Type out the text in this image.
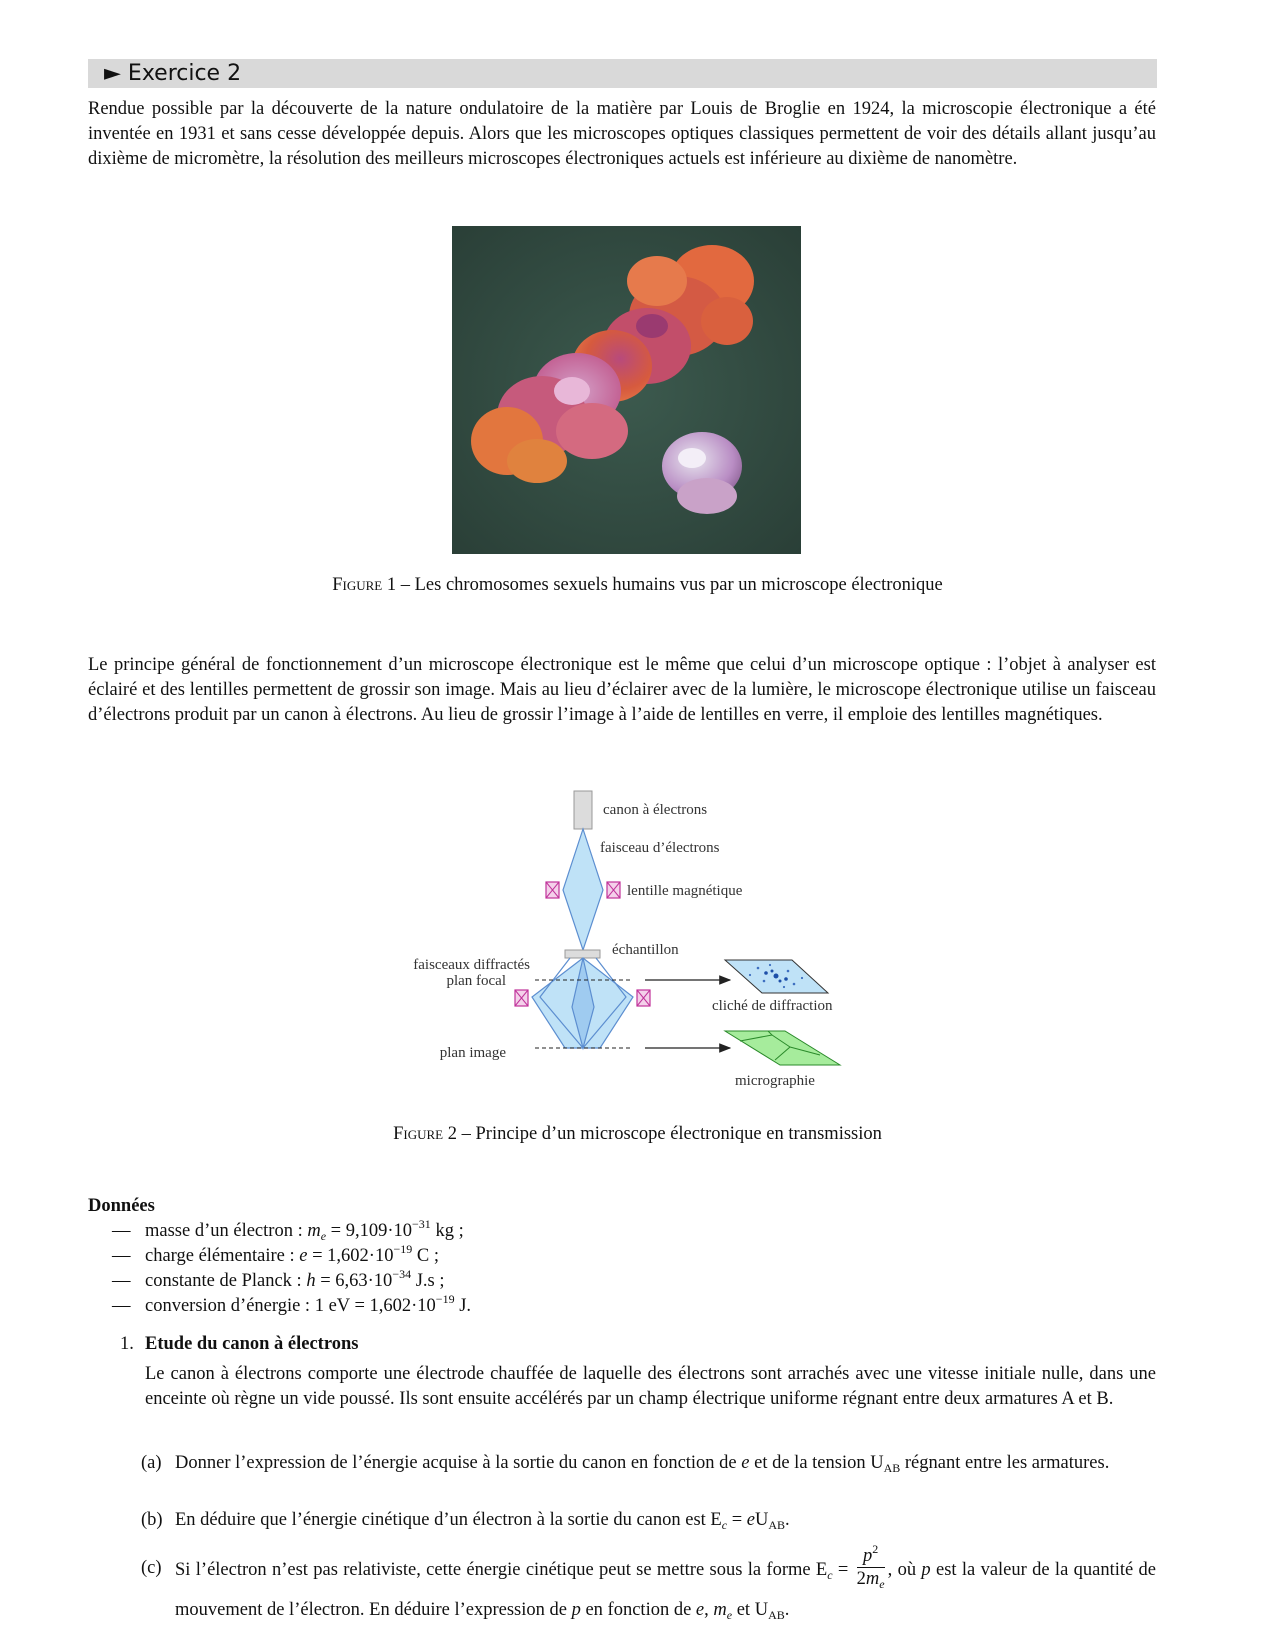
► Exercice 2
Rendue possible par la découverte de la nature ondulatoire de la matière par Louis de Broglie en 1924, la microscopie électronique a été inventée en 1931 et sans cesse développée depuis. Alors que les microscopes optiques classiques permettent de voir des détails allant jusqu’au dixième de micromètre, la résolution des meilleurs microscopes électroniques actuels est inférieure au dixième de nanomètre.
Figure 1 – Les chromosomes sexuels humains vus par un microscope électronique
Le principe général de fonctionnement d’un microscope électronique est le même que celui d’un microscope optique : l’objet à analyser est éclairé et des lentilles permettent de grossir son image. Mais au lieu d’éclairer avec de la lumière, le microscope électronique utilise un faisceau d’électrons produit par un canon à électrons. Au lieu de grossir l’image à l’aide de lentilles en verre, il emploie des lentilles magnétiques.
canon à électrons
faisceau d’électrons
lentille magnétique
échantillon
faisceaux diffractés
plan focal
cliché de diffraction
plan image
micrographie
Figure 2 – Principe d’un microscope électronique en transmission
Données
— masse d’un électron : $m_e = 9,109\cdot 10^{-31}$ kg ;
— charge élémentaire : $e = 1,602\cdot 10^{-19}$ C ;
— constante de Planck : $h = 6,63\cdot 10^{-34}$ J.s ;
— conversion d’énergie : 1 eV = $1,602\cdot 10^{-19}$ J.
1. Etude du canon à électrons
Le canon à électrons comporte une électrode chauffée de laquelle des électrons sont arrachés avec une vitesse initiale nulle, dans une enceinte où règne un vide poussé. Ils sont ensuite accélérés par un champ électrique uniforme régnant entre deux armatures A et B.
(a) Donner l’expression de l’énergie acquise à la sortie du canon en fonction de e et de la tension $U_{AB}$ régnant entre les armatures.
(b) En déduire que l’énergie cinétique d’un électron à la sortie du canon est $E_c = eU_{AB}$.
(c) Si l’électron n’est pas relativiste, cette énergie cinétique peut se mettre sous la forme $E_c = \frac{p^2}{2m_e}$ , où p est la valeur de la quantité de mouvement de l’électron. En déduire l’expression de p en fonction de e, $m_e$ et $U_{AB}$.
